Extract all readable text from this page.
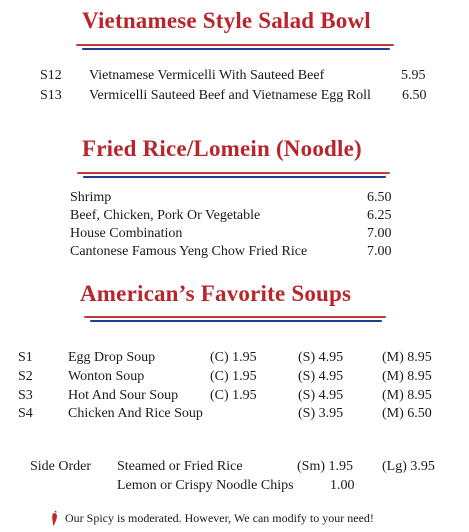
Vietnamese Style Salad Bowl
S12 Vietnamese Vermicelli With Sauteed Beef	5.95
S13 Vermicelli Sauteed Beef and Vietnamese Egg Roll 6.50
Fried Rice/Lomein (Noodle)
Shrimp	6.50
Beef, Chicken, Pork Or Vegetable	6.25
House Combination	7.00
Cantonese Famous Yeng Chow Fried Rice	7.00
American’s Favorite Soups
S1	Egg Drop Soup	(C) 1.95	(S) 4.95	(M) 8.95
S2	Wonton Soup	(C) 1.95	(S) 4.95	(M) 8.95
S3	Hot And Sour Soup (C) 1.95	(S) 4.95	(M) 8.95
S4	Chicken And Rice Soup	(S) 3.95	(M) 6.50
Side Order Steamed or Fried Rice	(Sm) 1.95 (Lg) 3.95
Lemon or Crispy Noodle Chips	1.00
Our Spicy is moderated. However, We can modify to your need!
